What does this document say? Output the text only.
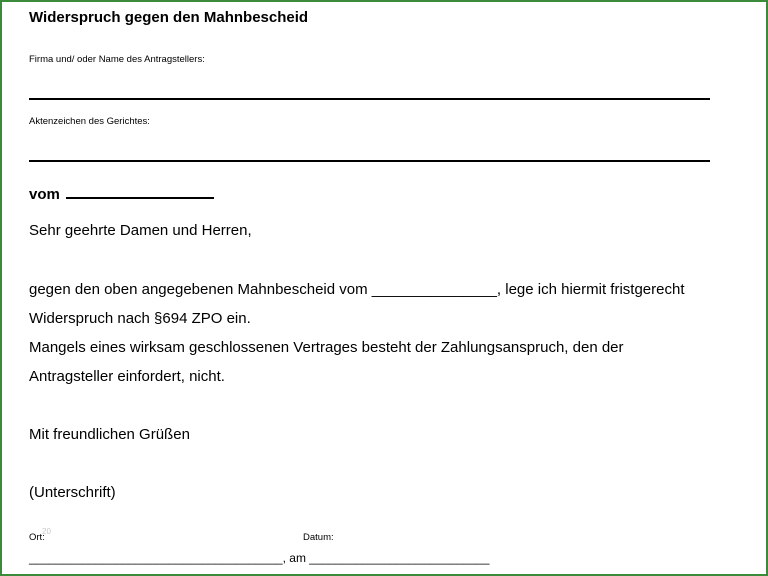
Widerspruch gegen den Mahnbescheid
Firma und/ oder Name des Antragstellers:
Aktenzeichen des Gerichtes:
vom
Sehr geehrte Damen und Herren,
gegen den oben angegebenen Mahnbescheid vom _______________, lege ich hiermit fristgerecht
Widerspruch nach §694 ZPO ein.
Mangels eines wirksam geschlossenen Vertrages besteht der Zahlungsanspruch, den der
Antragsteller einfordert, nicht.
Mit freundlichen Grüßen
(Unterschrift)
Ort:
20
Datum:
______________________________________, am ___________________________
